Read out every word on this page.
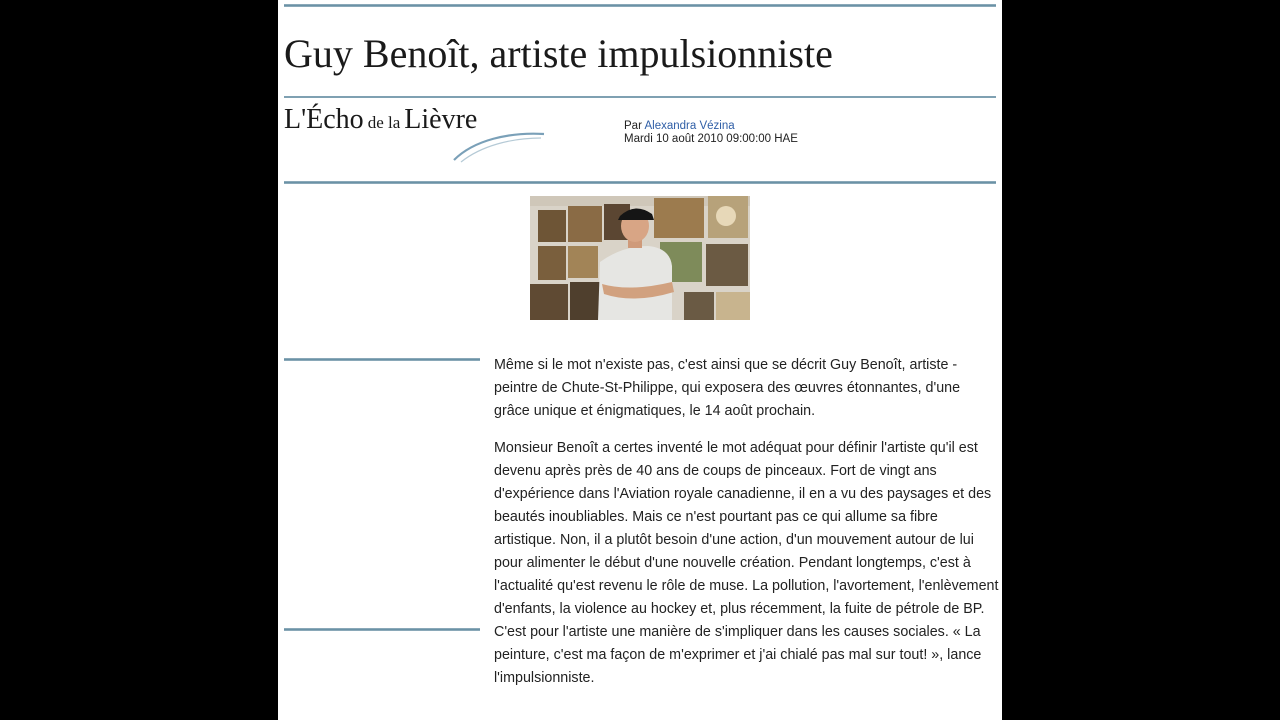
Guy Benoît, artiste impulsionniste
L'Écho de la Lièvre	Par Alexandra Vézina
Mardi 10 août 2010 09:00:00 HAE

Même si le mot n'existe pas, c'est ainsi que se décrit Guy Benoît, artiste -peintre de Chute-St-Philippe, qui exposera des œuvres étonnantes, d'une grâce unique et énigmatiques, le 14 août prochain.

Monsieur Benoît a certes inventé le mot adéquat pour définir l'artiste qu'il est devenu après près de 40 ans de coups de pinceaux. Fort de vingt ans d'expérience dans l'Aviation royale canadienne, il en a vu des paysages et des beautés inoubliables. Mais ce n'est pourtant pas ce qui allume sa fibre artistique. Non, il a plutôt besoin d'une action, d'un mouvement autour de lui pour alimenter le début d'une nouvelle création. Pendant longtemps, c'est à l'actualité qu'est revenu le rôle de muse. La pollution, l'avortement, l'enlèvement d'enfants, la violence au hockey et, plus récemment, la fuite de pétrole de BP. C'est pour l'artiste une manière de s'impliquer dans les causes sociales. « La peinture, c'est ma façon de m'exprimer et j'ai chialé pas mal sur tout! », lance l'impulsionniste.
